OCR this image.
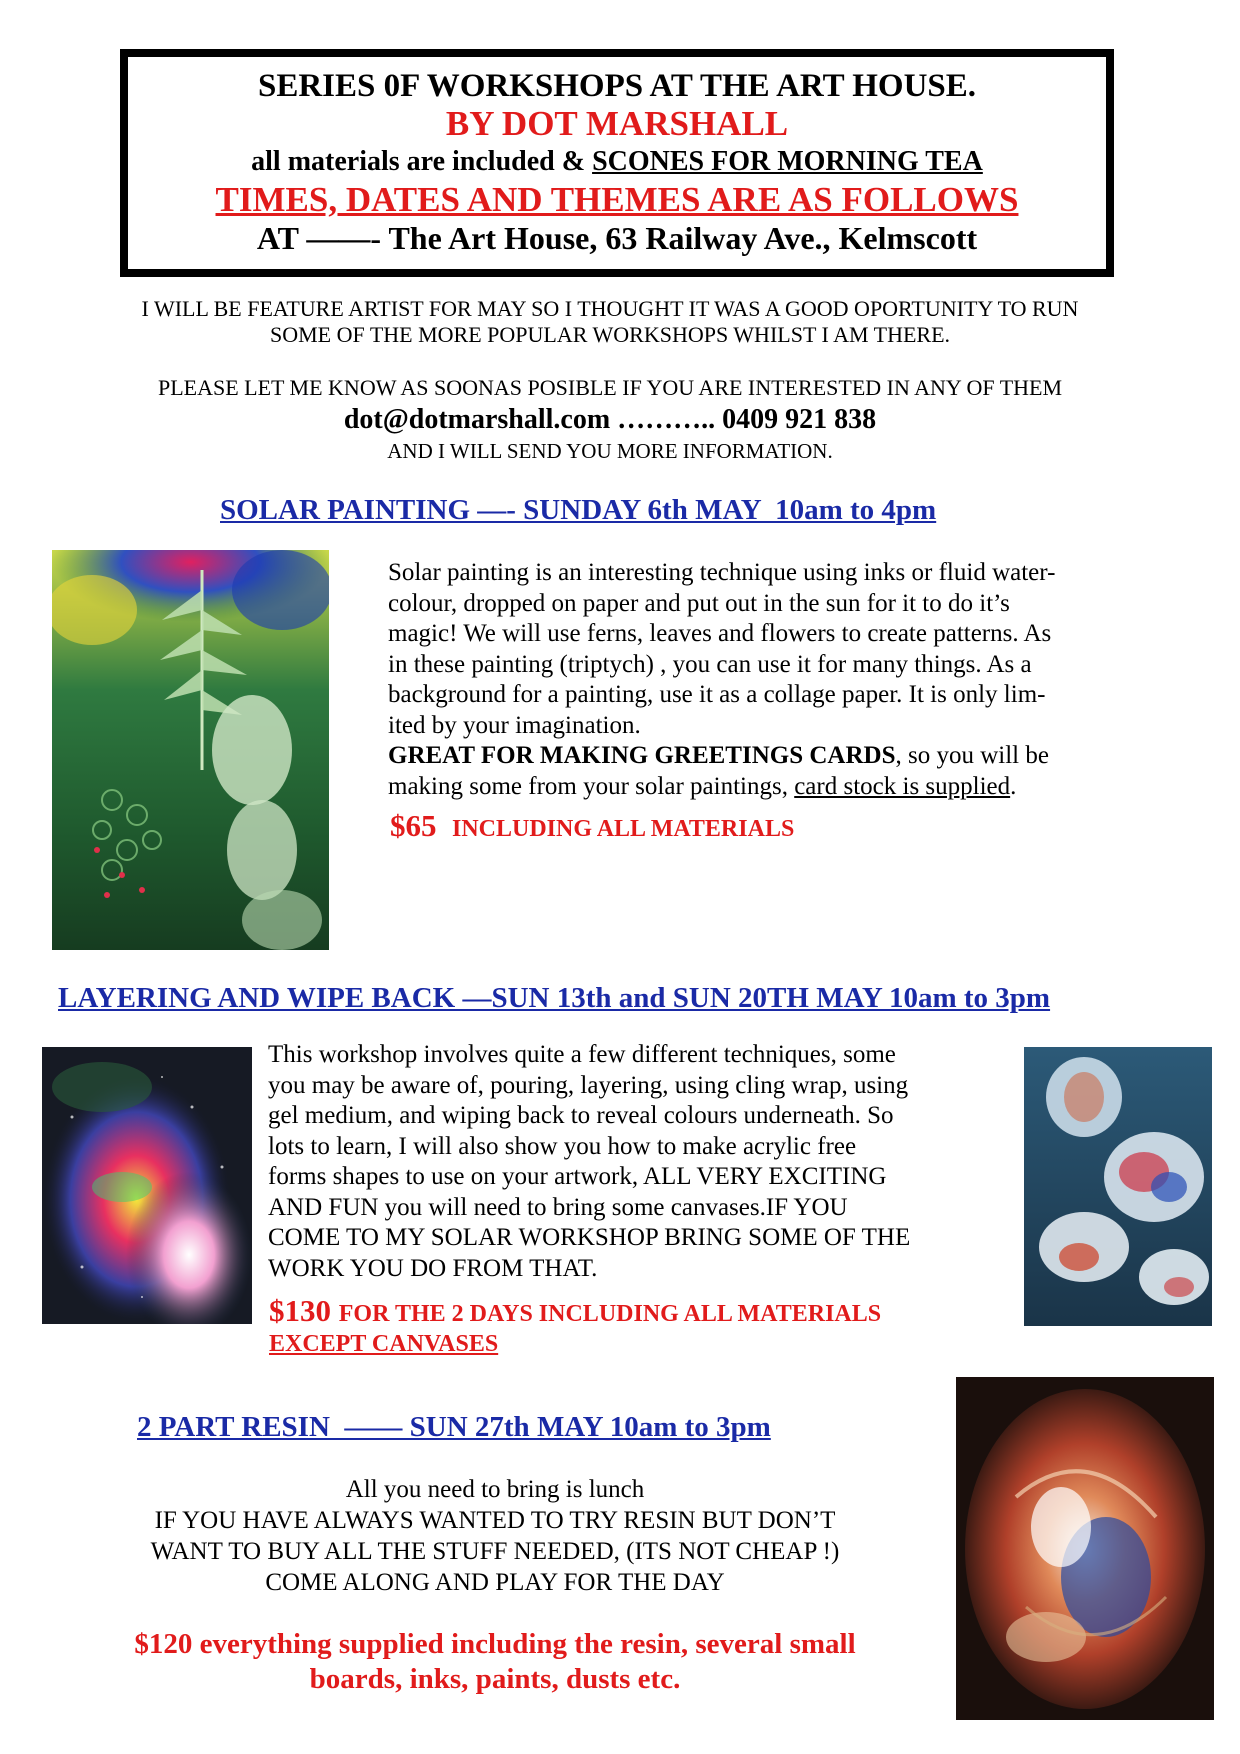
SERIES 0F WORKSHOPS AT THE ART HOUSE.
BY DOT MARSHALL
all materials are included & SCONES FOR MORNING TEA
TIMES, DATES AND THEMES ARE AS FOLLOWS
AT ——- The Art House, 63 Railway Ave., Kelmscott
I WILL BE FEATURE ARTIST FOR MAY SO I THOUGHT IT WAS A GOOD OPORTUNITY TO RUN
SOME OF THE MORE POPULAR WORKSHOPS WHILST I AM THERE.
PLEASE LET ME KNOW AS SOONAS POSIBLE IF YOU ARE INTERESTED IN ANY OF THEM
dot@dotmarshall.com ……….. 0409 921 838
AND I WILL SEND YOU MORE INFORMATION.
SOLAR PAINTING —- SUNDAY 6th MAY  10am to 4pm
Solar painting is an interesting technique using inks or fluid water-
colour, dropped on paper and put out in the sun for it to do it’s
magic! We will use ferns, leaves and flowers to create patterns. As
in these painting (triptych) , you can use it for many things. As a
background for a painting, use it as a collage paper. It is only lim-
ited by your imagination.
GREAT FOR MAKING GREETINGS CARDS, so you will be
making some from your solar paintings, card stock is supplied.
$65 INCLUDING ALL MATERIALS
LAYERING AND WIPE BACK —SUN 13th and SUN 20TH MAY 10am to 3pm
This workshop involves quite a few different techniques, some
you may be aware of, pouring, layering, using cling wrap, using
gel medium, and wiping back to reveal colours underneath. So
lots to learn, I will also show you how to make acrylic free
forms shapes to use on your artwork, ALL VERY EXCITING
AND FUN you will need to bring some canvases.IF YOU
COME TO MY SOLAR WORKSHOP BRING SOME OF THE
WORK YOU DO FROM THAT.
$130 FOR THE 2 DAYS INCLUDING ALL MATERIALS
EXCEPT CANVASES
2 PART RESIN  —— SUN 27th MAY 10am to 3pm
All you need to bring is lunch
IF YOU HAVE ALWAYS WANTED TO TRY RESIN BUT DON’T
WANT TO BUY ALL THE STUFF NEEDED, (ITS NOT CHEAP !)
COME ALONG AND PLAY FOR THE DAY
$120 everything supplied including the resin, several small
boards, inks, paints, dusts etc.
